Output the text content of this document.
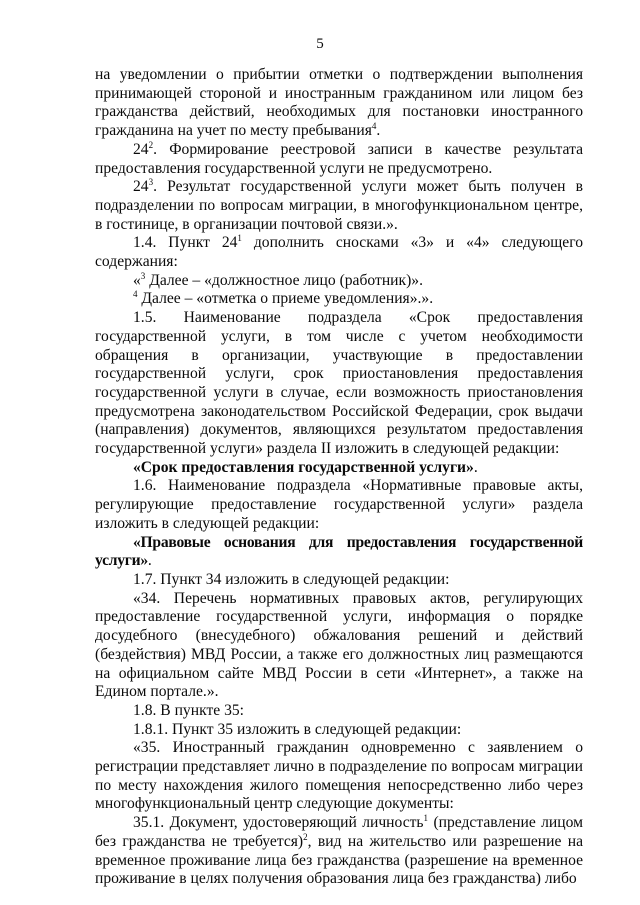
5

на уведомлении о прибытии отметки о подтверждении выполнения принимающей стороной и иностранным гражданином или лицом без гражданства действий, необходимых для постановки иностранного гражданина на учет по месту пребывания$^4$.

$24^2$. Формирование реестровой записи в качестве результата предоставления государственной услуги не предусмотрено.

$24^3$. Результат государственной услуги может быть получен в подразделении по вопросам миграции, в многофункциональном центре, в гостинице, в организации почтовой связи.».

1.4. Пункт $24^1$ дополнить сносками «3» и «4» следующего содержания:

«$^3$ Далее – «должностное лицо (работник)».

$^4$ Далее – «отметка о приеме уведомления».».

1.5. Наименование подраздела «Срок предоставления государственной услуги, в том числе с учетом необходимости обращения в организации, участвующие в предоставлении государственной услуги, срок приостановления предоставления государственной услуги в случае, если возможность приостановления предусмотрена законодательством Российской Федерации, срок выдачи (направления) документов, являющихся результатом предоставления государственной услуги» раздела II изложить в следующей редакции:

«Срок предоставления государственной услуги».

1.6. Наименование подраздела «Нормативные правовые акты, регулирующие предоставление государственной услуги» раздела изложить в следующей редакции:

«Правовые основания для предоставления государственной услуги».

1.7. Пункт 34 изложить в следующей редакции:

«34. Перечень нормативных правовых актов, регулирующих предоставление государственной услуги, информация о порядке досудебного (внесудебного) обжалования решений и действий (бездействия) МВД России, а также его должностных лиц размещаются на официальном сайте МВД России в сети «Интернет», а также на Едином портале.».

1.8. В пункте 35:

1.8.1. Пункт 35 изложить в следующей редакции:

«35. Иностранный гражданин одновременно с заявлением о регистрации представляет лично в подразделение по вопросам миграции по месту нахождения жилого помещения непосредственно либо через многофункциональный центр следующие документы:

35.1. Документ, удостоверяющий личность$^1$ (представление лицом без гражданства не требуется)$^2$, вид на жительство или разрешение на временное проживание лица без гражданства (разрешение на временное проживание в целях получения образования лица без гражданства) либо
